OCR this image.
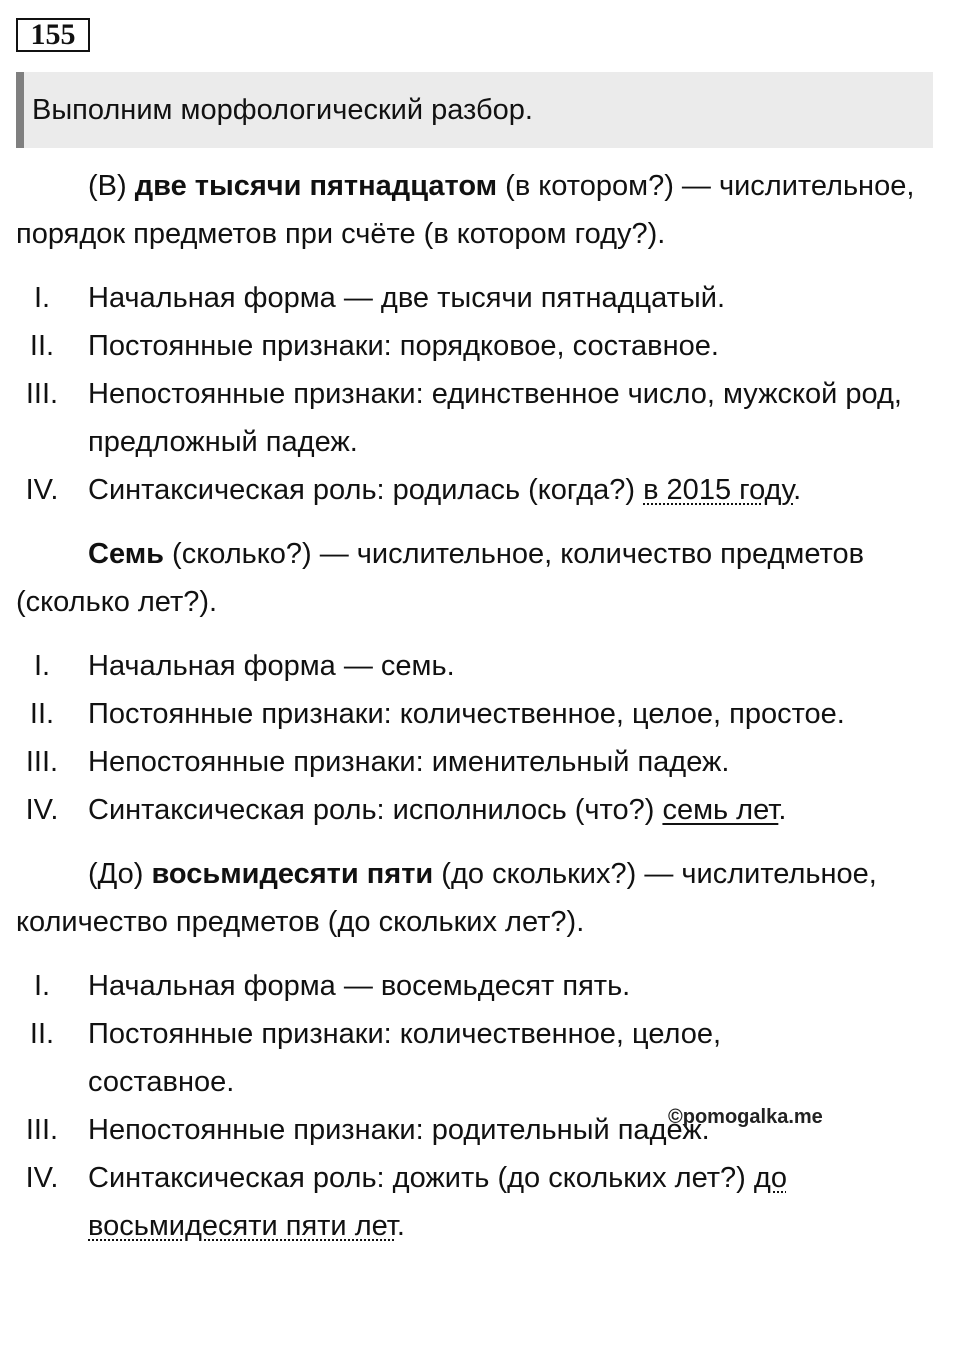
155
Выполним морфологический разбор.

(В) две тысячи пятнадцатом (в котором?) — числительное, порядок предметов при счёте (в котором году?).

I.	Начальная форма — две тысячи пятнадцатый.
II.	Постоянные признаки: порядковое, составное.
III.	Непостоянные признаки: единственное число, мужской род, предложный падеж.
IV.	Синтаксическая роль: родилась (когда?) в 2015 году.

Семь (сколько?) — числительное, количество предметов (сколько лет?).

I.	Начальная форма — семь.
II.	Постоянные признаки: количественное, целое, простое.
III.	Непостоянные признаки: именительный падеж.
IV.	Синтаксическая роль: исполнилось (что?) семь лет.

(До) восьмидесяти пяти (до скольких?) — числительное, количество предметов (до скольких лет?).

I.	Начальная форма — восемьдесят пять.
II.	Постоянные признаки: количественное, целое, составное.
III.	Непостоянные признаки: родительный падеж.
IV.	Синтаксическая роль: дожить (до скольких лет?) до восьмидесяти пяти лет.
©pomogalka.me
